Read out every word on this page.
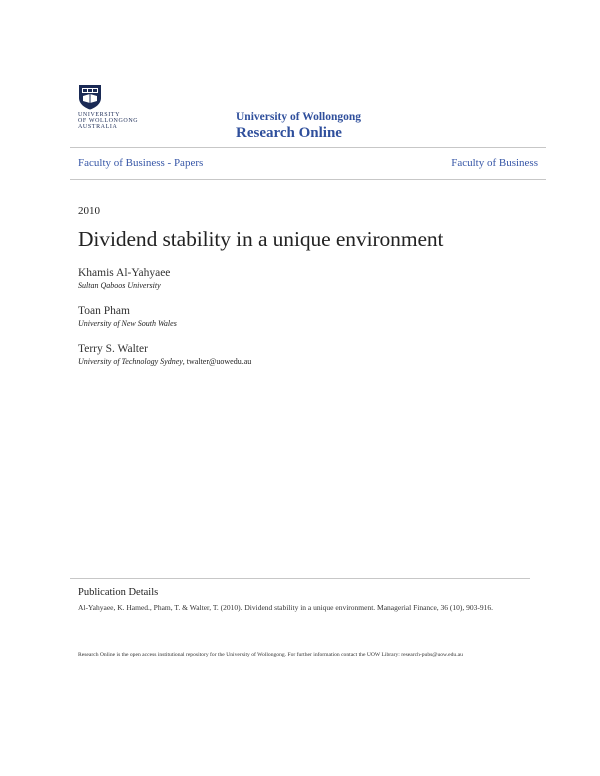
UNIVERSITY
OF WOLLONGONG
AUSTRALIA
University of Wollongong
Research Online
Faculty of Business - Papers	Faculty of Business
2010
Dividend stability in a unique environment
Khamis Al-Yahyaee
Sultan Qaboos University
Toan Pham
University of New South Wales
Terry S. Walter
University of Technology Sydney, twalter@uowedu.au
Publication Details
Al-Yahyaee, K. Hamed., Pham, T. & Walter, T. (2010). Dividend stability in a unique environment. Managerial Finance, 36 (10), 903-916.
Research Online is the open access institutional repository for the University of Wollongong. For further information contact the UOW Library: research-pubs@uow.edu.au
